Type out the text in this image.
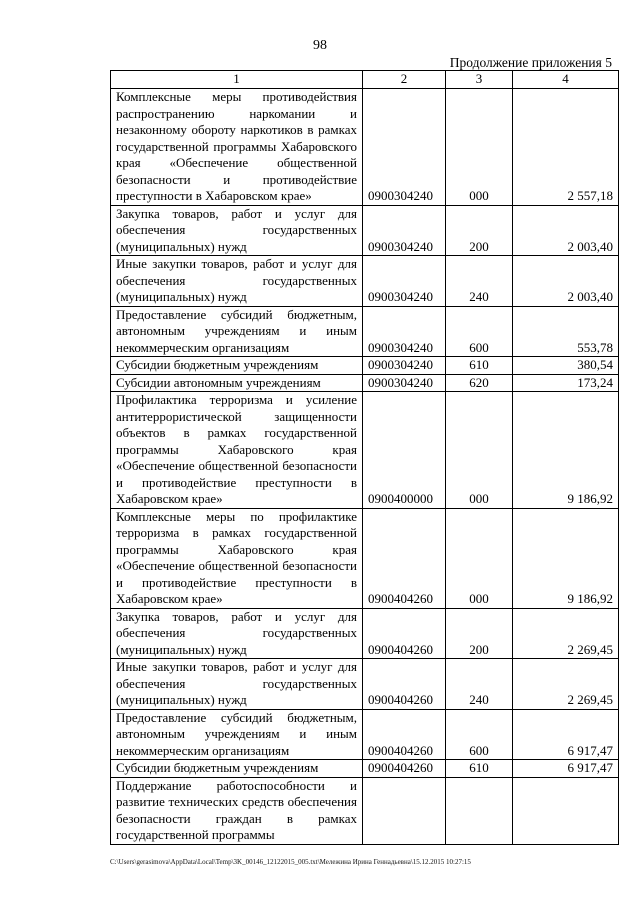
98
Продолжение приложения 5
1	2	3	4
Комплексные меры противодействия распространению наркомании и незаконному обороту наркотиков в рамках государственной программы Хабаровского края «Обеспечение общественной безопасности и противодействие преступности в Хабаровском крае»	0900304240	000	2 557,18
Закупка товаров, работ и услуг для обеспечения государственных (муниципальных) нужд	0900304240	200	2 003,40
Иные закупки товаров, работ и услуг для обеспечения государственных (муниципальных) нужд	0900304240	240	2 003,40
Предоставление субсидий бюджетным, автономным учреждениям и иным некоммерческим организациям	0900304240	600	553,78
Субсидии бюджетным учреждениям	0900304240	610	380,54
Субсидии автономным учреждениям	0900304240	620	173,24
Профилактика терроризма и усиление антитеррористической защищенности объектов в рамках государственной программы Хабаровского края «Обеспечение общественной безопасности и противодействие преступности в Хабаровском крае»	0900400000	000	9 186,92
Комплексные меры по профилактике терроризма в рамках государственной программы Хабаровского края «Обеспечение общественной безопасности и противодействие преступности в Хабаровском крае»	0900404260	000	9 186,92
Закупка товаров, работ и услуг для обеспечения государственных (муниципальных) нужд	0900404260	200	2 269,45
Иные закупки товаров, работ и услуг для обеспечения государственных (муниципальных) нужд	0900404260	240	2 269,45
Предоставление субсидий бюджетным, автономным учреждениям и иным некоммерческим организациям	0900404260	600	6 917,47
Субсидии бюджетным учреждениям	0900404260	610	6 917,47
Поддержание работоспособности и развитие технических средств обеспечения безопасности граждан в рамках государственной программы			
C:\Users\gerasimova\AppData\Local\Temp\3K_00146_12122015_005.txt\Мележина Ирина Геннадьевна\15.12.2015 10:27:15
